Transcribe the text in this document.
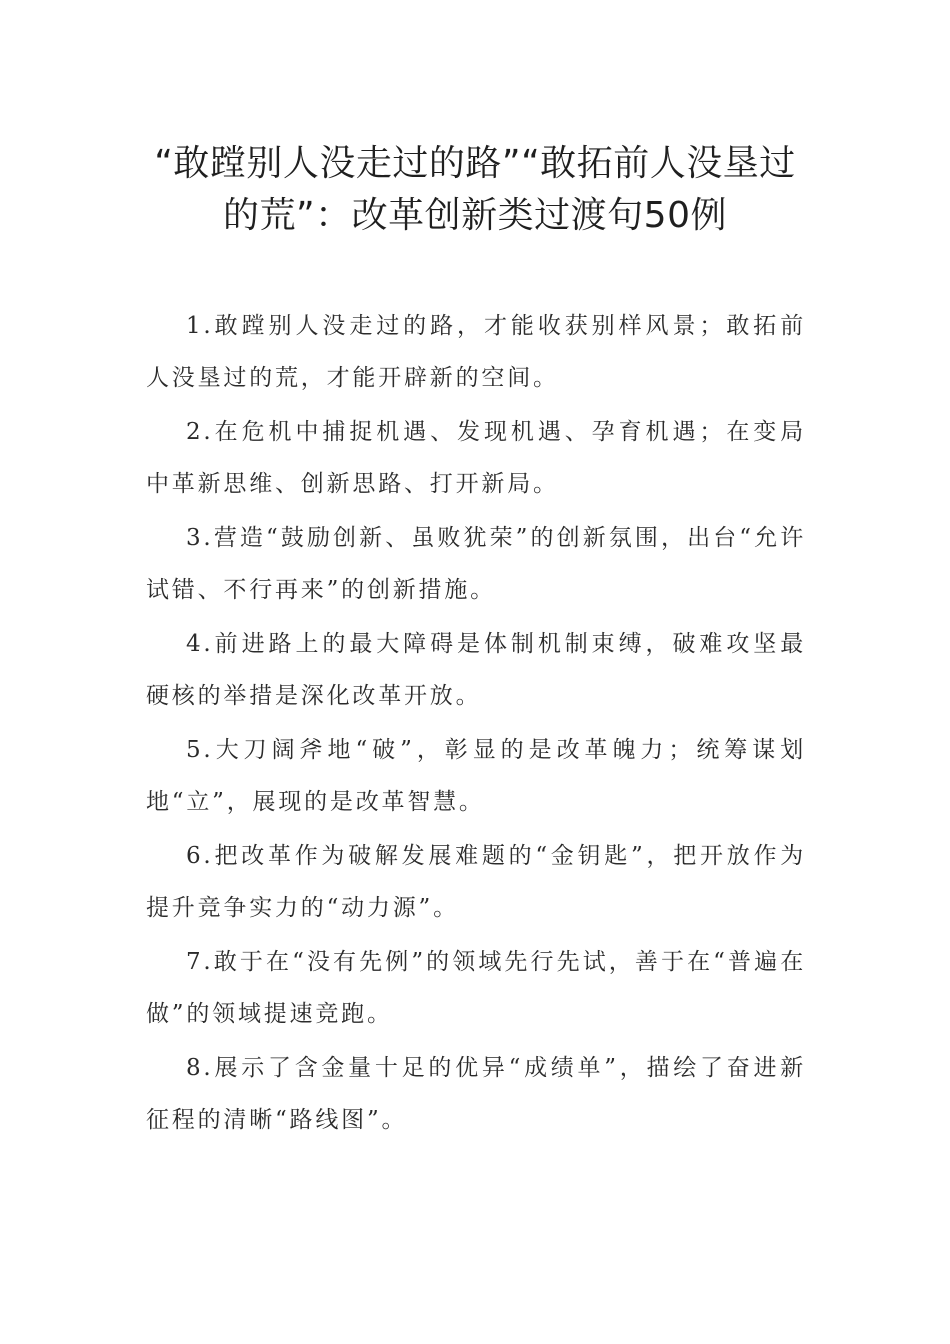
“敢蹚别人没走过的路”“敢拓前人没垦过的荒”：改革创新类过渡句50例

1.敢蹚别人没走过的路，才能收获别样风景；敢拓前人没垦过的荒，才能开辟新的空间。

2.在危机中捕捉机遇、发现机遇、孕育机遇；在变局中革新思维、创新思路、打开新局。

3.营造“鼓励创新、虽败犹荣”的创新氛围，出台“允许试错、不行再来”的创新措施。

4.前进路上的最大障碍是体制机制束缚，破难攻坚最硬核的举措是深化改革开放。

5.大刀阔斧地“破”，彰显的是改革魄力；统筹谋划地“立”，展现的是改革智慧。

6.把改革作为破解发展难题的“金钥匙”，把开放作为提升竞争实力的“动力源”。

7.敢于在“没有先例”的领域先行先试，善于在“普遍在做”的领域提速竞跑。

8.展示了含金量十足的优异“成绩单”，描绘了奋进新征程的清晰“路线图”。
